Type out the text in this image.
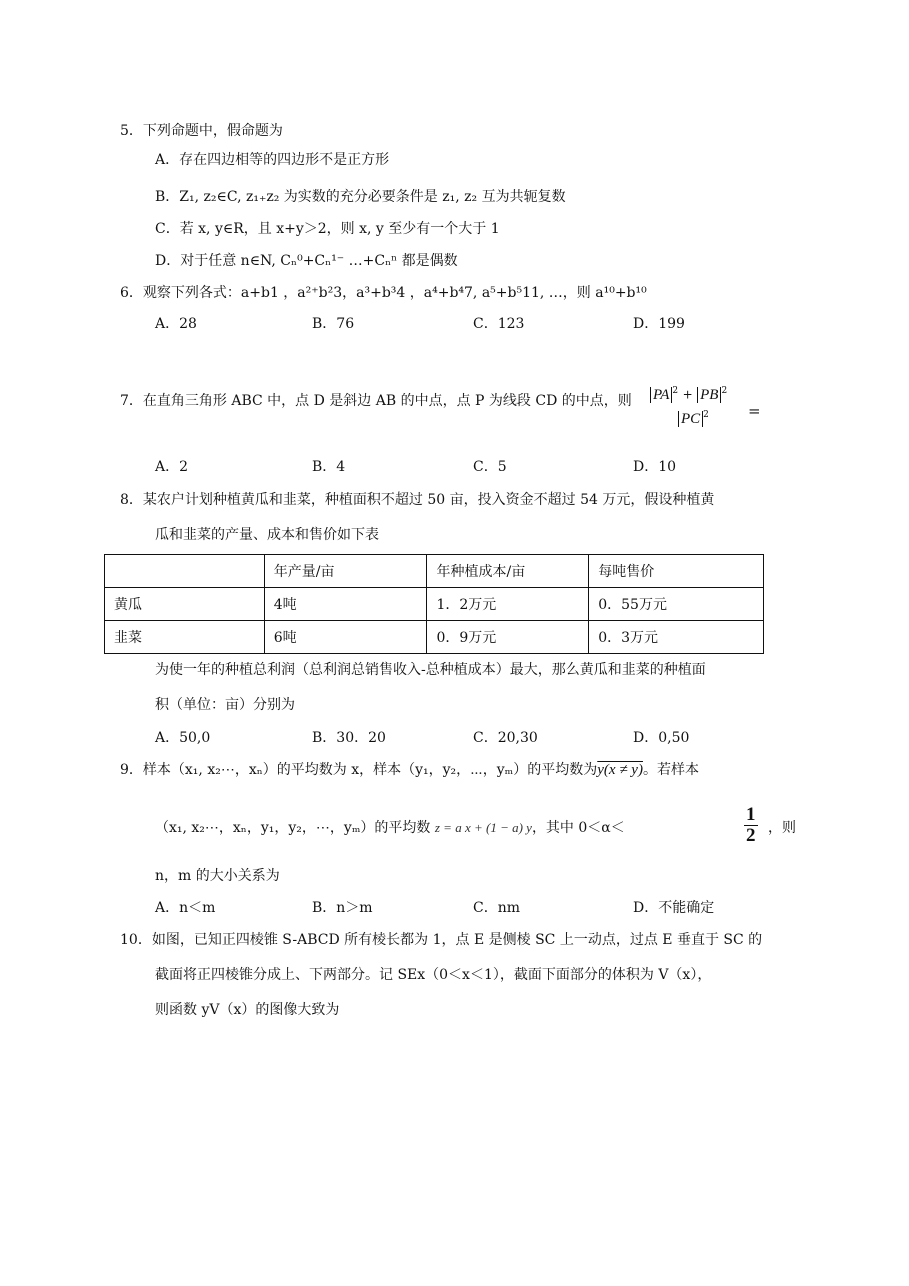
5．下列命题中，假命题为
A．存在四边相等的四边形不是正方形
B．Z₁, z₂∈C, z₁₊z₂ 为实数的充分必要条件是 z₁, z₂ 互为共轭复数
C．若 x, y∈R，且 x+y＞2，则 x, y 至少有一个大于 1
D．对于任意 n∈N, Cₙ⁰+Cₙ¹⁻ …+Cₙⁿ 都是偶数
6．观察下列各式：a+b1 ，a²⁺b²3，a³+b³4 ，a⁴+b⁴7, a⁵+b⁵11, …，则 a¹⁰+b¹⁰
A．28	B．76	C．123	D．199
7．在直角三角形 ABC 中，点 D 是斜边 AB 的中点，点 P 为线段 CD 的中点，则 PA $^2$ + PB $^2$
PC $^2$	=
A．2	B．4	C．5	D．10
8．某农户计划种植黄瓜和韭菜，种植面积不超过 50 亩，投入资金不超过 54 万元，假设种植黄
瓜和韭菜的产量、成本和售价如下表
	年产量/亩	年种植成本/亩	每吨售价
黄瓜	4吨	1．2万元	0．55万元
韭菜	6吨	0．9万元	0．3万元
为使一年的种植总利润（总利润总销售收入-总种植成本）最大，那么黄瓜和韭菜的种植面
积（单位：亩）分别为
A．50,0	B．30．20	C．20,30	D．0,50
9．样本（x₁, x₂⋯，xₙ）的平均数为 x，样本（y₁，y₂，⋯，yₘ）的平均数为y(x ≠ y)。若样本
（x₁, x₂⋯，xₙ，y₁，y₂，⋯，yₘ）的平均数 z = a x + (1 − a) y，其中 0＜α＜	$\frac{1}{2}$ ，则
n，m 的大小关系为
A．n＜m	B．n＞m	C．nm	D．不能确定
10．如图，已知正四棱锥 S-ABCD 所有棱长都为 1，点 E 是侧棱 SC 上一动点，过点 E 垂直于 SC 的
截面将正四棱锥分成上、下两部分。记 SEx（0＜x＜1），截面下面部分的体积为 V（x），
则函数 yV（x）的图像大致为
